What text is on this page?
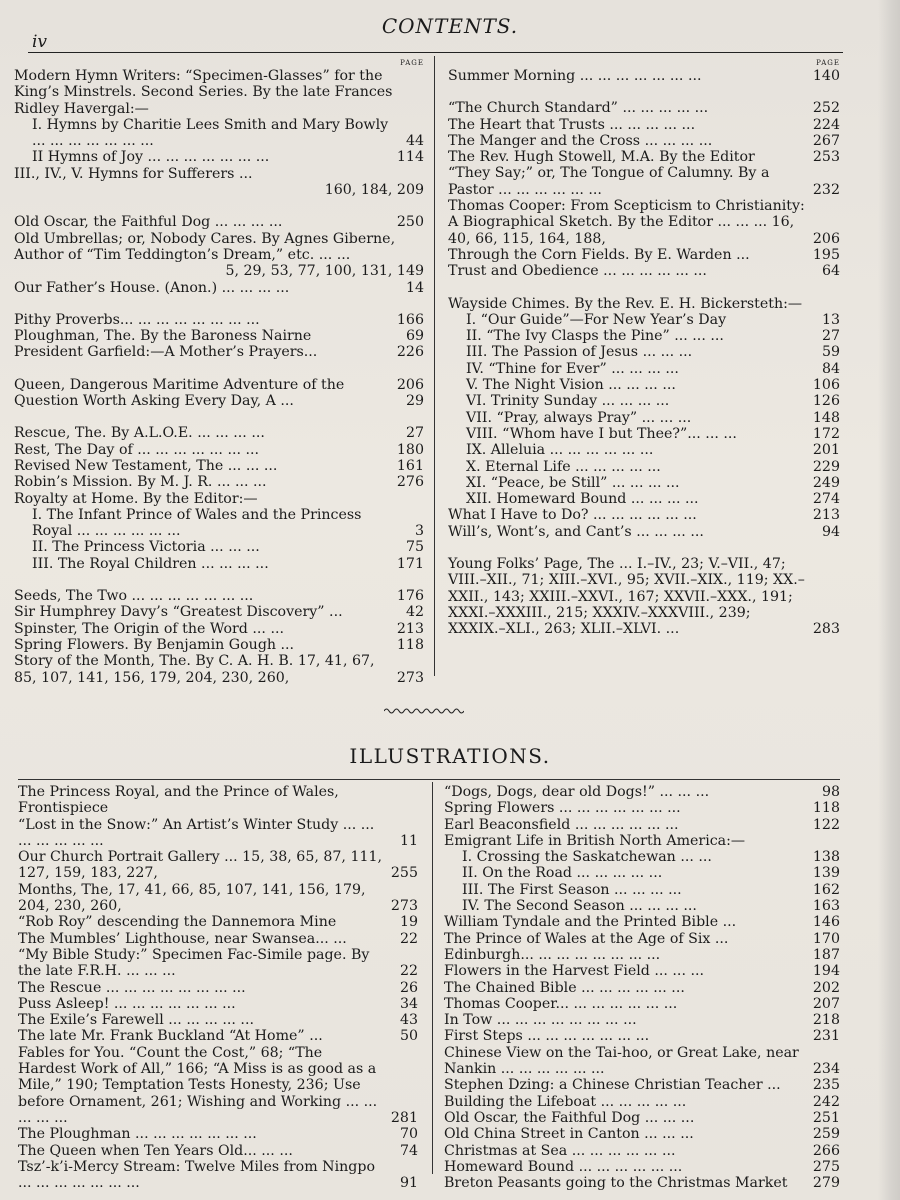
iv
CONTENTS.
PAGE
Modern Hymn Writers: “Specimen-Glasses” for the King’s Minstrels. Second Series. By the late Frances Ridley Havergal:—
I. Hymns by Charitie Lees Smith and Mary Bowly ... ... ... ... ... ... ...	44
II Hymns of Joy ... ... ... ... ... ... ...	114
III., IV., V. Hymns for Sufferers ...
160, 184, 209
Old Oscar, the Faithful Dog ... ... ... ...	250
Old Umbrellas; or, Nobody Cares. By Agnes Giberne, Author of “Tim Teddington’s Dream,” etc. ... ...
5, 29, 53, 77, 100, 131, 149
Our Father’s House. (Anon.) ... ... ... ...	14
Pithy Proverbs... ... ... ... ... ... ... ...	166
Ploughman, The. By the Baroness Nairne	69
President Garfield:—A Mother’s Prayers...	226
Queen, Dangerous Maritime Adventure of the	206
Question Worth Asking Every Day, A ...	29
Rescue, The. By A.L.O.E. ... ... ... ...	27
Rest, The Day of ... ... ... ... ... ... ...	180
Revised New Testament, The ... ... ...	161
Robin’s Mission. By M. J. R. ... ... ...	276
Royalty at Home. By the Editor:—
I. The Infant Prince of Wales and the Princess Royal ... ... ... ... ... ...	3
II. The Princess Victoria ... ... ...	75
III. The Royal Children ... ... ... ...	171
Seeds, The Two ... ... ... ... ... ... ...	176
Sir Humphrey Davy’s “Greatest Discovery” ...	42
Spinster, The Origin of the Word ... ...	213
Spring Flowers. By Benjamin Gough ...	118
Story of the Month, The. By C. A. H. B. 17, 41, 67, 85, 107, 141, 156, 179, 204, 230, 260,	273
PAGE
Summer Morning ... ... ... ... ... ... ...	140
“The Church Standard” ... ... ... ... ...	252
The Heart that Trusts ... ... ... ... ...	224
The Manger and the Cross ... ... ... ...	267
The Rev. Hugh Stowell, M.A. By the Editor	253
“They Say;” or, The Tongue of Calumny. By a Pastor ... ... ... ... ... ...	232
Thomas Cooper: From Scepticism to Christianity: A Biographical Sketch. By the Editor ... ... ... 16, 40, 66, 115, 164, 188,	206
Through the Corn Fields. By E. Warden ...	195
Trust and Obedience ... ... ... ... ... ...	64
Wayside Chimes. By the Rev. E. H. Bickersteth:—
I. “Our Guide”—For New Year’s Day	13
II. “The Ivy Clasps the Pine” ... ... ...	27
III. The Passion of Jesus ... ... ...	59
IV. “Thine for Ever” ... ... ... ...	84
V. The Night Vision ... ... ... ...	106
VI. Trinity Sunday ... ... ... ...	126
VII. “Pray, always Pray” ... ... ...	148
VIII. “Whom have I but Thee?”... ... ...	172
IX. Alleluia ... ... ... ... ... ...	201
X. Eternal Life ... ... ... ... ...	229
XI. “Peace, be Still” ... ... ... ...	249
XII. Homeward Bound ... ... ... ...	274
What I Have to Do? ... ... ... ... ... ...	213
Will’s, Wont’s, and Cant’s ... ... ... ...	94
Young Folks’ Page, The ... I.–IV., 23; V.–VII., 47; VIII.–XII., 71; XIII.–XVI., 95; XVII.–XIX., 119; XX.–XXII., 143; XXIII.–XXVI., 167; XXVII.–XXX., 191; XXXI.–XXXIII., 215; XXXIV.–XXXVIII., 239; XXXIX.–XLI., 263; XLII.–XLVI. ...	283
ILLUSTRATIONS.
The Princess Royal, and the Prince of Wales, Frontispiece
“Lost in the Snow:” An Artist’s Winter Study ... ... ... ... ... ... ...	11
Our Church Portrait Gallery ... 15, 38, 65, 87, 111, 127, 159, 183, 227,	255
Months, The, 17, 41, 66, 85, 107, 141, 156, 179, 204, 230, 260,	273
“Rob Roy” descending the Dannemora Mine	19
The Mumbles’ Lighthouse, near Swansea... ...	22
“My Bible Study:” Specimen Fac-Simile page. By the late F.R.H. ... ... ...	22
The Rescue ... ... ... ... ... ... ... ...	26
Puss Asleep! ... ... ... ... ... ... ...	34
The Exile’s Farewell ... ... ... ... ...	43
The late Mr. Frank Buckland “At Home” ...	50
Fables for You. “Count the Cost,” 68; “The Hardest Work of All,” 166; “A Miss is as good as a Mile,” 190; Temptation Tests Honesty, 236; Use before Ornament, 261; Wishing and Working ... ... ... ... ...	281
The Ploughman ... ... ... ... ... ... ...	70
The Queen when Ten Years Old... ... ...	74
Tsz’-k’i-Mercy Stream: Twelve Miles from Ningpo ... ... ... ... ... ... ...	91
“Dogs, Dogs, dear old Dogs!” ... ... ...	98
Spring Flowers ... ... ... ... ... ... ...	118
Earl Beaconsfield ... ... ... ... ... ...	122
Emigrant Life in British North America:—
I. Crossing the Saskatchewan ... ...	138
II. On the Road ... ... ... ... ...	139
III. The First Season ... ... ... ...	162
IV. The Second Season ... ... ... ...	163
William Tyndale and the Printed Bible ...	146
The Prince of Wales at the Age of Six ...	170
Edinburgh... ... ... ... ... ... ... ...	187
Flowers in the Harvest Field ... ... ...	194
The Chained Bible ... ... ... ... ... ...	202
Thomas Cooper... ... ... ... ... ... ...	207
In Tow ... ... ... ... ... ... ... ...	218
First Steps ... ... ... ... ... ... ...	231
Chinese View on the Tai-hoo, or Great Lake, near Nankin ... ... ... ... ... ...	234
Stephen Dzing: a Chinese Christian Teacher ...	235
Building the Lifeboat ... ... ... ... ...	242
Old Oscar, the Faithful Dog ... ... ...	251
Old China Street in Canton ... ... ...	259
Christmas at Sea ... ... ... ... ... ...	266
Homeward Bound ... ... ... ... ... ...	275
Breton Peasants going to the Christmas Market	279
